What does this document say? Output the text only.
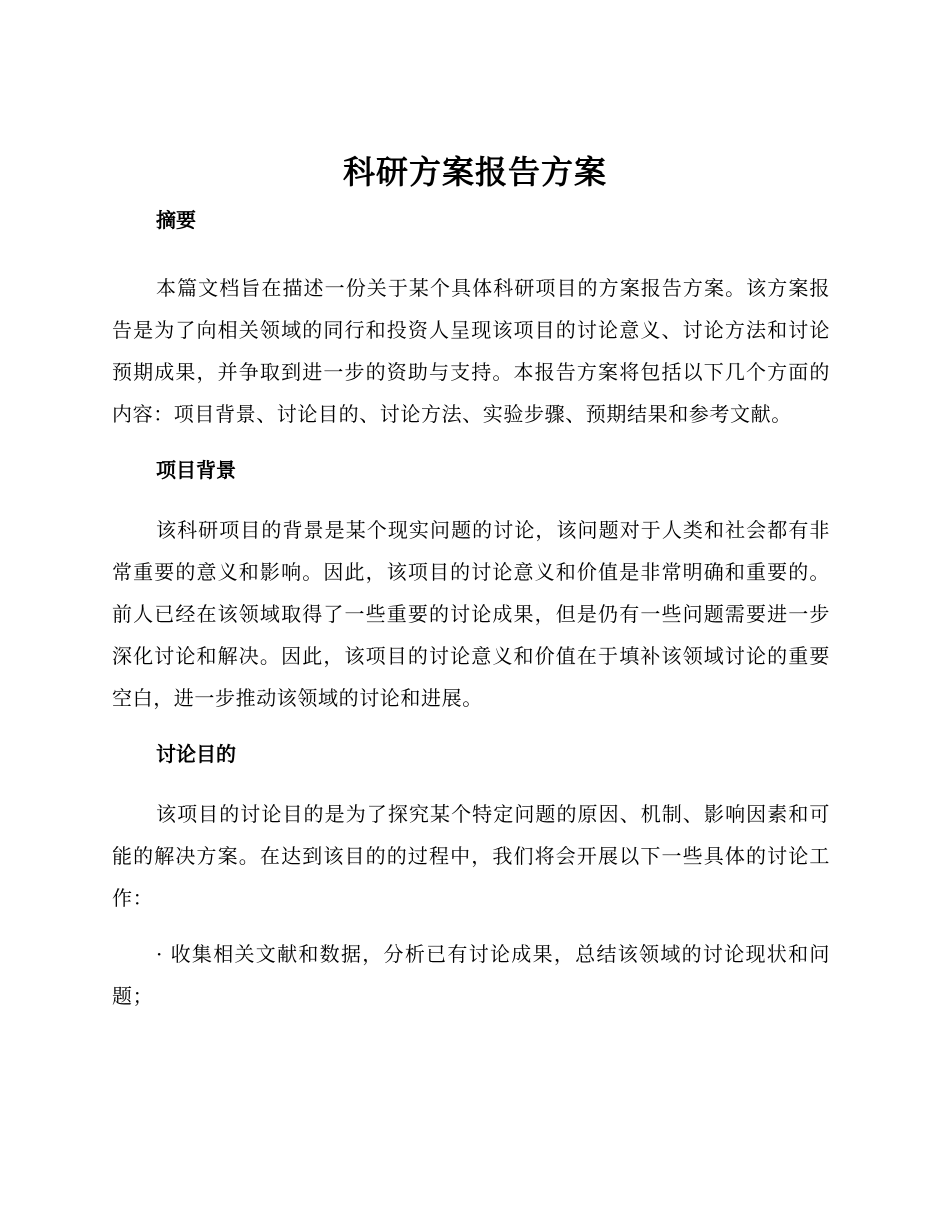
科研方案报告方案
摘要

本篇文档旨在描述一份关于某个具体科研项目的方案报告方案。该方案报告是为了向相关领域的同行和投资人呈现该项目的讨论意义、讨论方法和讨论预期成果，并争取到进一步的资助与支持。本报告方案将包括以下几个方面的内容：项目背景、讨论目的、讨论方法、实验步骤、预期结果和参考文献。

项目背景

该科研项目的背景是某个现实问题的讨论，该问题对于人类和社会都有非常重要的意义和影响。因此，该项目的讨论意义和价值是非常明确和重要的。前人已经在该领域取得了一些重要的讨论成果，但是仍有一些问题需要进一步深化讨论和解决。因此，该项目的讨论意义和价值在于填补该领域讨论的重要空白，进一步推动该领域的讨论和进展。

讨论目的

该项目的讨论目的是为了探究某个特定问题的原因、机制、影响因素和可能的解决方案。在达到该目的的过程中，我们将会开展以下一些具体的讨论工作：

· 收集相关文献和数据，分析已有讨论成果，总结该领域的讨论现状和问题；
